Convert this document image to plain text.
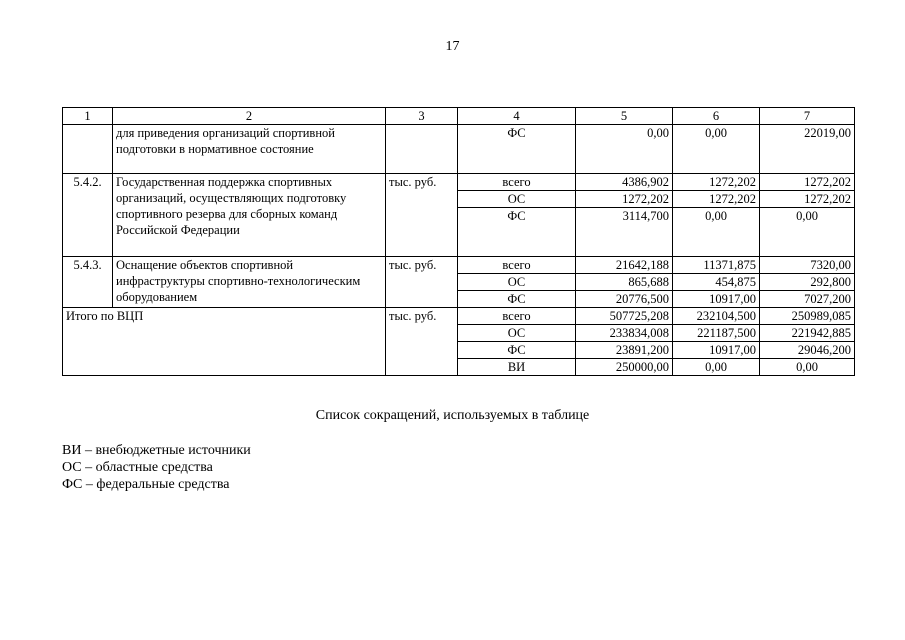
17
1	2	3	4	5	6	7
	для приведения организаций спортивной подготовки в нормативное состояние		ФС	0,00	0,00	22019,00
5.4.2.	Государственная поддержка спортивных организаций, осуществляющих подготовку спортивного резерва для сборных команд Российской Федерации	тыс. руб.	всего	4386,902	1272,202	1272,202
			ОС	1272,202	1272,202	1272,202
			ФС	3114,700	0,00	0,00
5.4.3.	Оснащение объектов спортивной инфраструктуры спортивно-технологическим оборудованием	тыс. руб.	всего	21642,188	11371,875	7320,00
			ОС	865,688	454,875	292,800
			ФС	20776,500	10917,00	7027,200
Итого по ВЦП		тыс. руб.	всего	507725,208	232104,500	250989,085
			ОС	233834,008	221187,500	221942,885
			ФС	23891,200	10917,00	29046,200
			ВИ	250000,00	0,00	0,00
Список сокращений, используемых в таблице
ВИ – внебюджетные источники
ОС – областные средства
ФС – федеральные средства
